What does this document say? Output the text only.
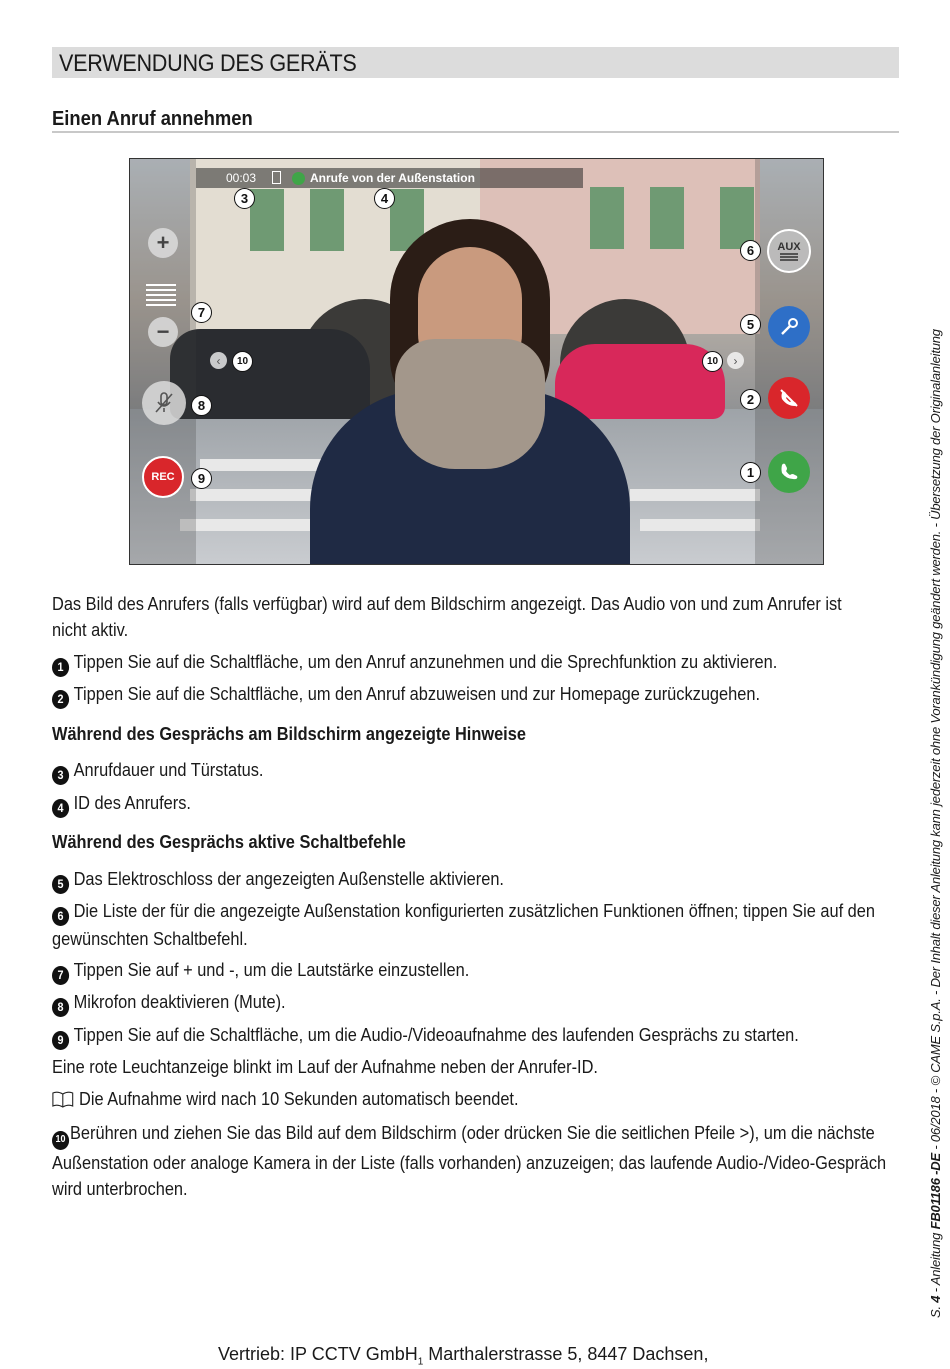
VERWENDUNG DES GERÄTS
Einen Anruf annehmen
00:03	Anrufe von der Außenstation
+
−
REC
‹	›
AUX
3	4
6
7
5
10	10
2
8
1
9
Das Bild des Anrufers (falls verfügbar) wird auf dem Bildschirm angezeigt. Das Audio von und zum Anrufer ist
nicht aktiv.
1 Tippen Sie auf die Schaltfläche, um den Anruf anzunehmen und die Sprechfunktion zu aktivieren.
2 Tippen Sie auf die Schaltfläche, um den Anruf abzuweisen und zur Homepage zurückzugehen.
Während des Gesprächs am Bildschirm angezeigte Hinweise
3 Anrufdauer und Türstatus.
4 ID des Anrufers.
Während des Gesprächs aktive Schaltbefehle
5 Das Elektroschloss der angezeigten Außenstelle aktivieren.
6 Die Liste der für die angezeigte Außenstation konfigurierten zusätzlichen Funktionen öffnen; tippen Sie auf den
gewünschten Schaltbefehl.
7 Tippen Sie auf + und -, um die Lautstärke einzustellen.
8 Mikrofon deaktivieren (Mute).
9 Tippen Sie auf die Schaltfläche, um die Audio-/Videoaufnahme des laufenden Gesprächs zu starten.
Eine rote Leuchtanzeige blinkt im Lauf der Aufnahme neben der Anrufer-ID.
Die Aufnahme wird nach 10 Sekunden automatisch beendet.
10 Berühren und ziehen Sie das Bild auf dem Bildschirm (oder drücken Sie die seitlichen Pfeile >), um die nächste
Außenstation oder analoge Kamera in der Liste (falls vorhanden) anzuzeigen; das laufende Audio-/Video-Gespräch
wird unterbrochen.
S. 4 - Anleitung FB01186 -DE - 06/2018 - © CAME S.p.A. - Der Inhalt dieser Anleitung kann jederzeit ohne Vorankündigung geändert werden. - Übersetzung der Originalanleitung
Vertrieb: IP CCTV GmbH$_1$ Marthalerstrasse 5, 8447 Dachsen,
